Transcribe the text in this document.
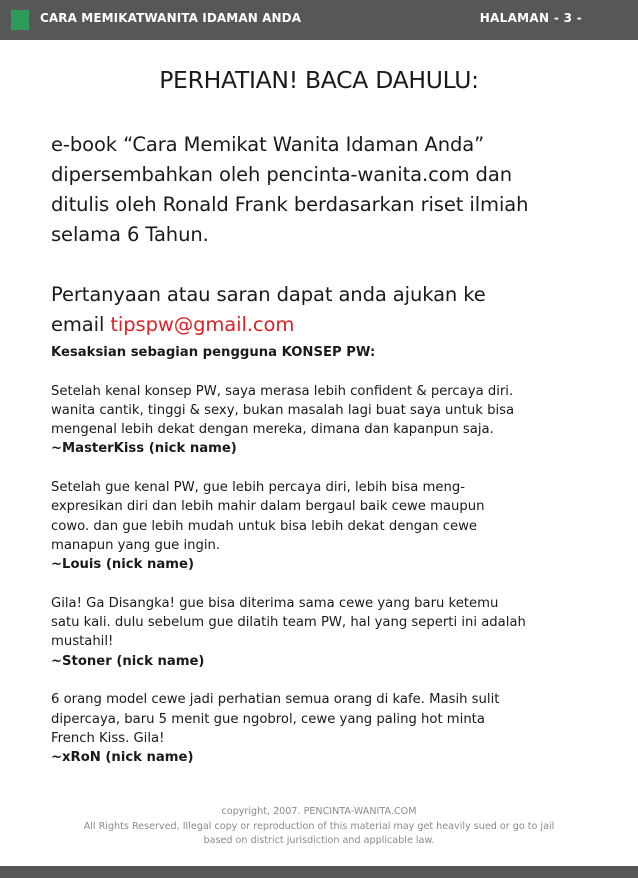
CARA MEMIKATWANITA IDAMAN ANDA	HALAMAN - 3 -
PERHATIAN! BACA DAHULU:

e-book “Cara Memikat Wanita Idaman Anda”

dipersembahkan oleh pencinta-wanita.com dan

ditulis oleh Ronald Frank berdasarkan riset ilmiah

selama 6 Tahun.

Pertanyaan atau saran dapat anda ajukan ke

email tipspw@gmail.com

Kesaksian sebagian pengguna KONSEP PW:

Setelah kenal konsep PW, saya merasa lebih confident & percaya diri.

wanita cantik, tinggi & sexy, bukan masalah lagi buat saya untuk bisa

mengenal lebih dekat dengan mereka, dimana dan kapanpun saja.

~MasterKiss (nick name)

Setelah gue kenal PW, gue lebih percaya diri, lebih bisa meng-

expresikan diri dan lebih mahir dalam bergaul baik cewe maupun

cowo. dan gue lebih mudah untuk bisa lebih dekat dengan cewe

manapun yang gue ingin.

~Louis (nick name)

Gila! Ga Disangka! gue bisa diterima sama cewe yang baru ketemu

satu kali. dulu sebelum gue dilatih team PW, hal yang seperti ini adalah

mustahil!

~Stoner (nick name)

6 orang model cewe jadi perhatian semua orang di kafe. Masih sulit

dipercaya, baru 5 menit gue ngobrol, cewe yang paling hot minta

French Kiss. Gila!

~xRoN (nick name)

copyright, 2007. PENCINTA-WANITA.COM
All Rights Reserved, Illegal copy or reproduction of this material may get heavily sued or go to jail
based on district jurisdiction and applicable law.
